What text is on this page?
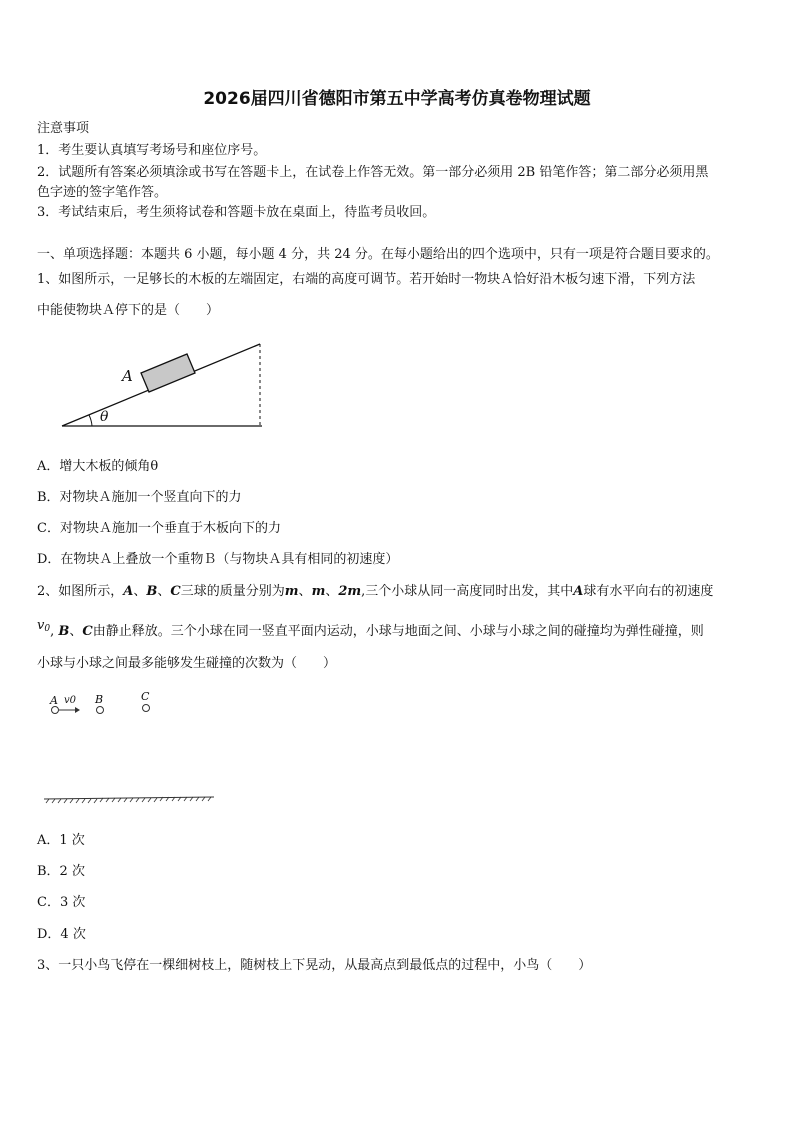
2026届四川省德阳市第五中学高考仿真卷物理试题
注意事项
1．考生要认真填写考场号和座位序号。
2．试题所有答案必须填涂或书写在答题卡上，在试卷上作答无效。第一部分必须用 2B 铅笔作答；第二部分必须用黑
色字迹的签字笔作答。
3．考试结束后，考生须将试卷和答题卡放在桌面上，待监考员收回。
一、单项选择题：本题共 6 小题，每小题 4 分，共 24 分。在每小题给出的四个选项中，只有一项是符合题目要求的。
1、如图所示，一足够长的木板的左端固定，右端的高度可调节。若开始时一物块Ａ恰好沿木板匀速下滑，下列方法
中能使物块Ａ停下的是（　　）
A
θ
A．增大木板的倾角θ
B．对物块Ａ施加一个竖直向下的力
C．对物块Ａ施加一个垂直于木板向下的力
D．在物块Ａ上叠放一个重物Ｂ（与物块Ａ具有相同的初速度）
2、如图所示，A、B、C三球的质量分别为m、m、2m,三个小球从同一高度同时出发，其中A球有水平向右的初速度
$v^0$, B、C由静止释放。三个小球在同一竖直平面内运动，小球与地面之间、小球与小球之间的碰撞均为弹性碰撞，则
小球与小球之间最多能够发生碰撞的次数为（　　）
A v0 B	C
A．1 次
B．2 次
C．3 次
D．4 次
3、一只小鸟飞停在一棵细树枝上，随树枝上下晃动，从最高点到最低点的过程中，小鸟（　　）
